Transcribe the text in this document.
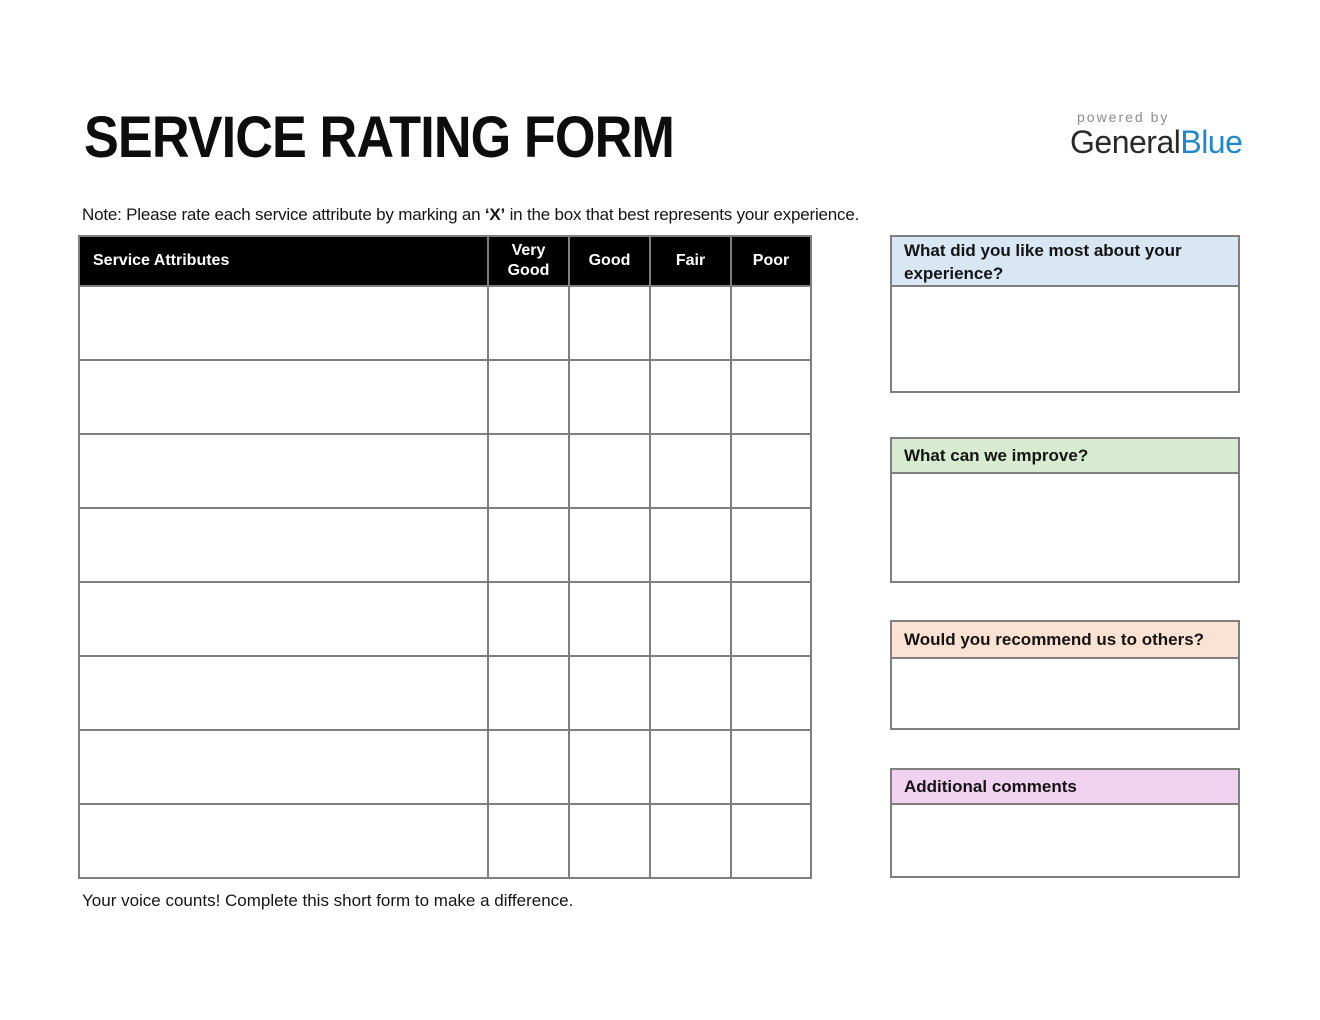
SERVICE RATING FORM	powered by
GeneralBlue

Note: Please rate each service attribute by marking an ‘X’ in the box that best represents your experience.

Service Attributes	Very Good	Good	Fair	Poor

What did you like most about your experience?
What can we improve?
Would you recommend us to others?
Additional comments

Your voice counts! Complete this short form to make a difference.
